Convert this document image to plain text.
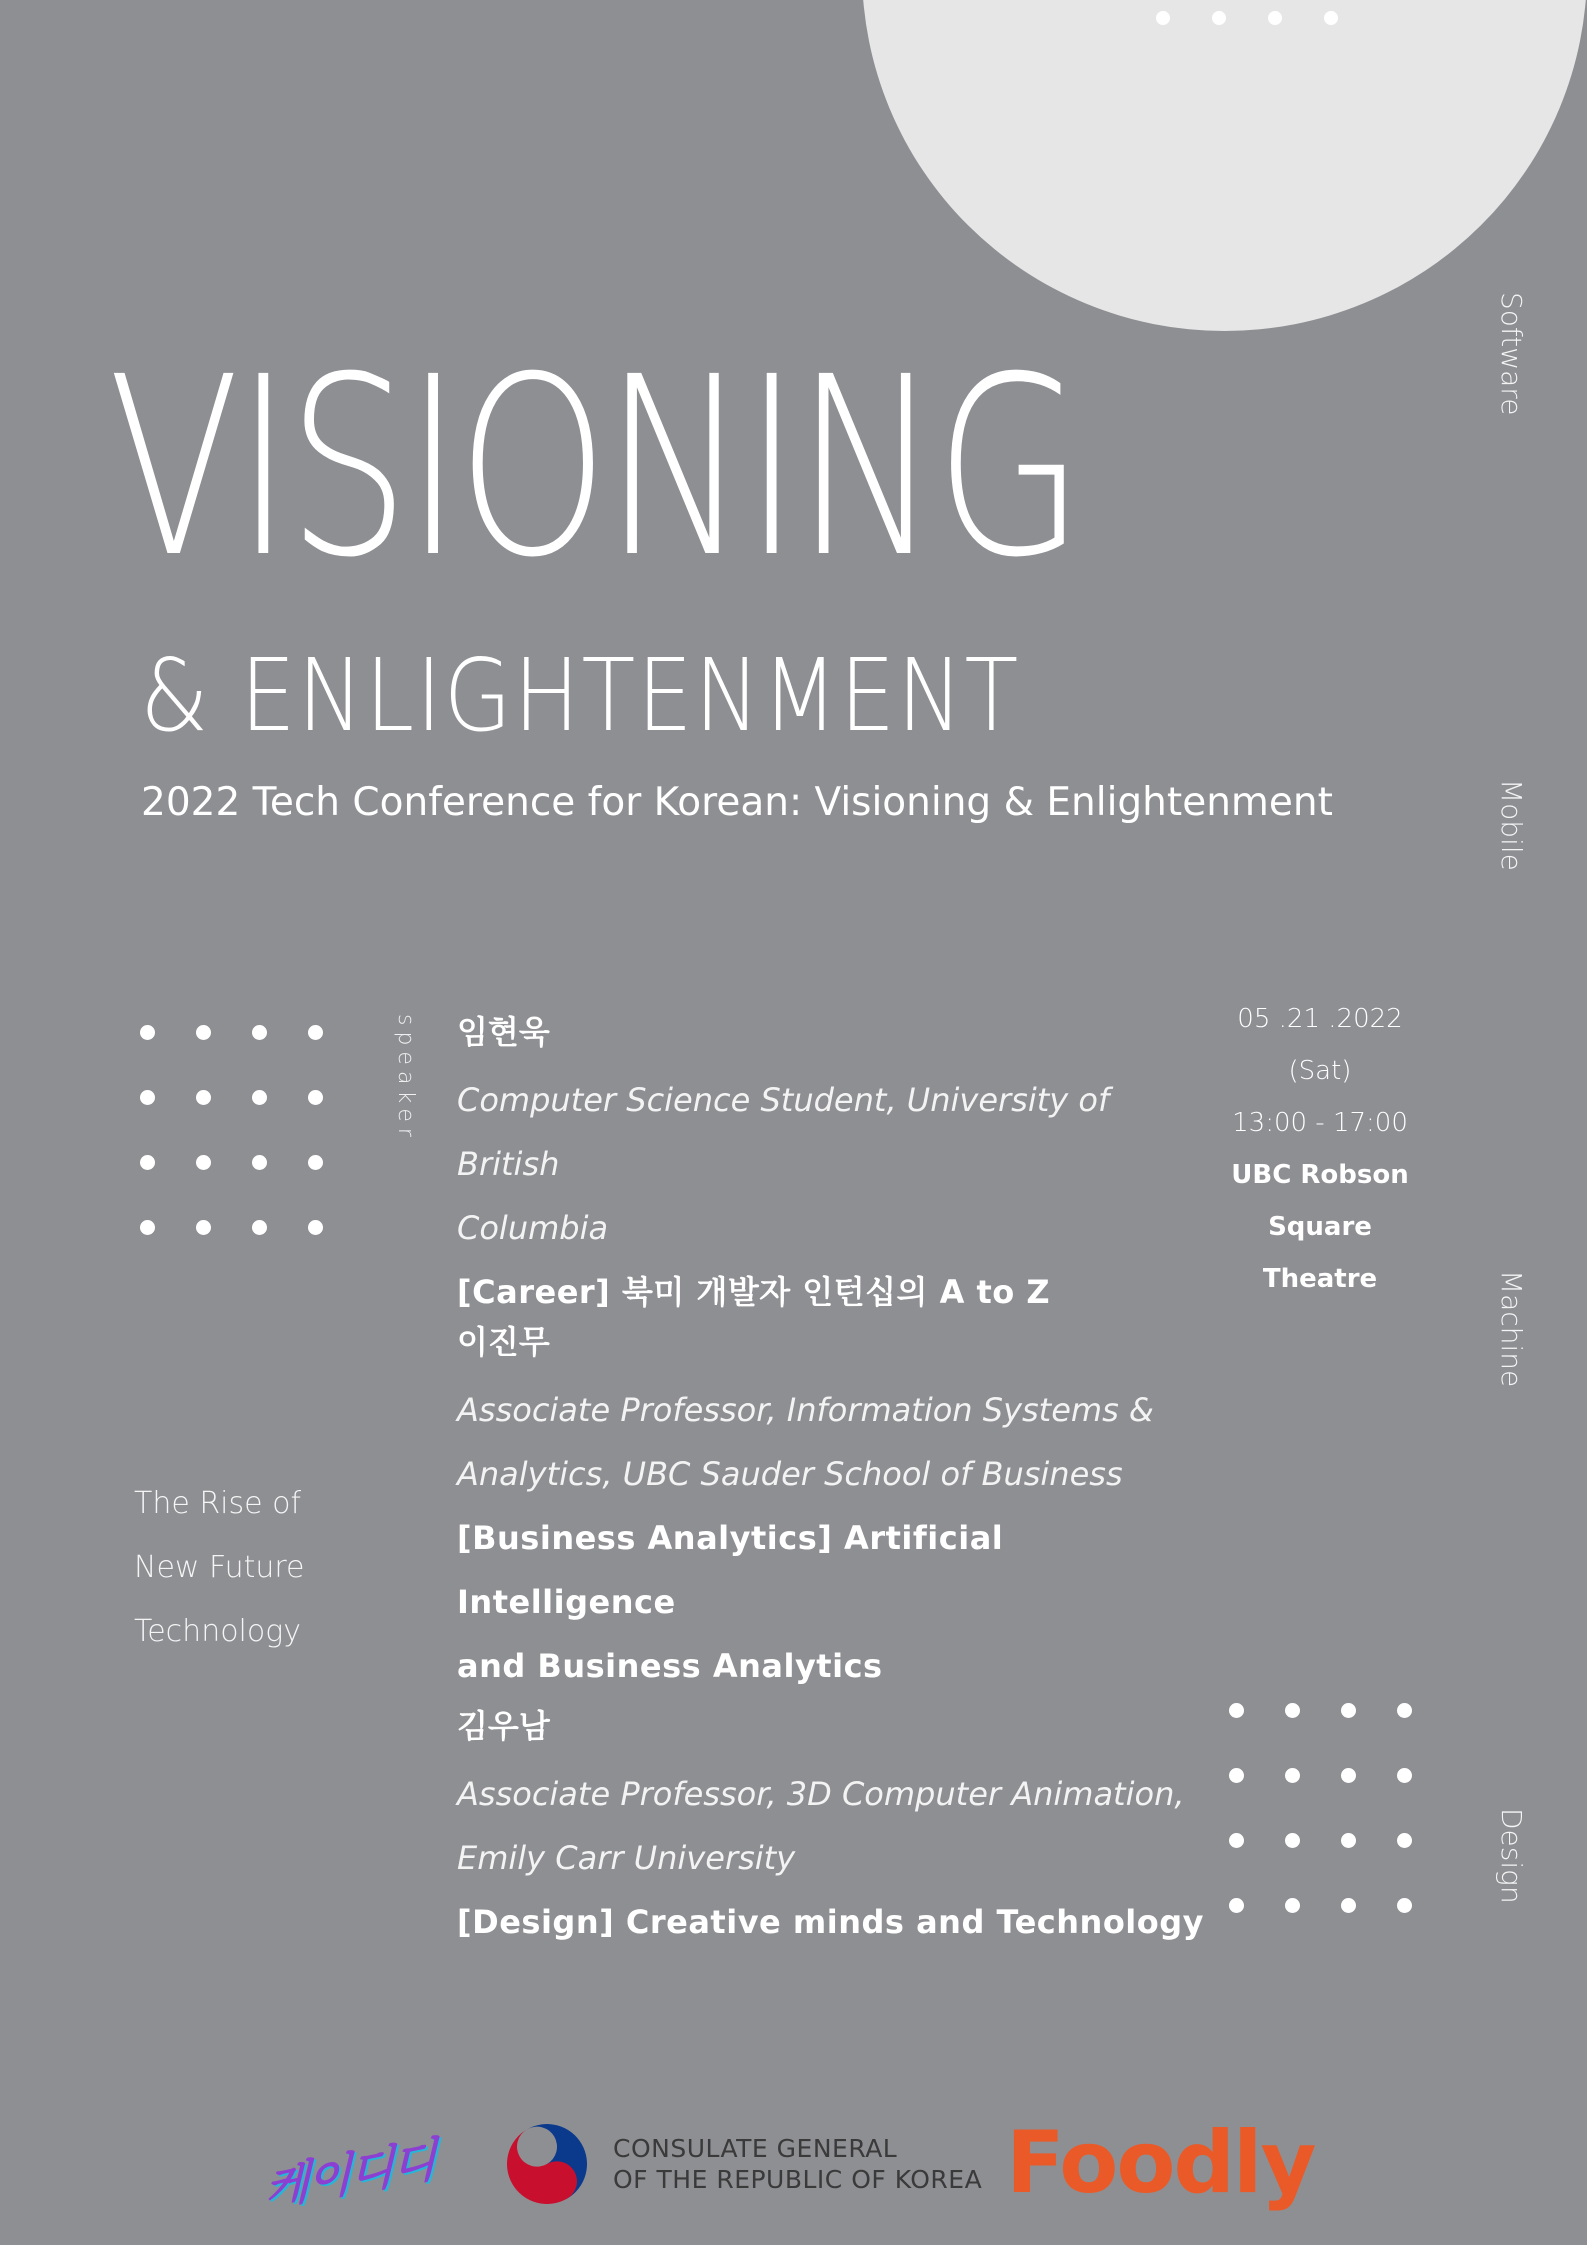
VISIONING
& ENLIGHTENMENT
2022 Tech Conference for Korean: Visioning & Enlightenment
Software
Mobile
Machine
Design
speaker 임현욱
Computer Science Student, University of British
Columbia
[Career] 북미 개발자 인턴십의 A to Z
이진무
Associate Professor, Information Systems &
Analytics, UBC Sauder School of Business
[Business Analytics] Artificial Intelligence
and Business Analytics
김우남
Associate Professor, 3D Computer Animation,
Emily Carr University
[Design] Creative minds and Technology
The Rise of
New Future
Technology
05 .21 .2022 (Sat)
13:00 - 17:00
UBC Robson
Square Theatre
케이디디	CONSULATE GENERAL
OF THE REPUBLIC OF KOREA Foodly
